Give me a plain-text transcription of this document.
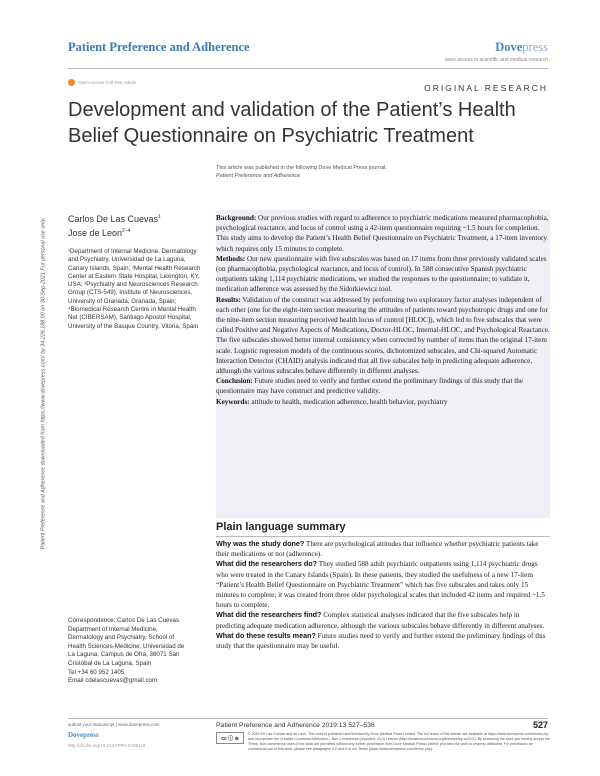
Patient Preference and Adherence	Dovepress
open access to scientific and medical research
Open Access Full Text Article
ORIGINAL RESEARCH
Development and validation of the Patient’s Health Belief Questionnaire on Psychiatric Treatment
Patient Preference and Adherence downloaded from https://www.dovepress.com/ by 34.226.188.90 on 30-Sep-2021 For personal use only.
This article was published in the following Dove Medical Press journal:
Patient Preference and Adherence
Carlos De Las Cuevas$^1$
Jose de Leon$^{2-4}$
¹Department of Internal Medicine, Dermatology and Psychiatry, Universidad de La Laguna, Canary Islands, Spain; ²Mental Health Research Center at Eastern State Hospital, Lexington, KY, USA; ³Psychiatry and Neurosciences Research Group (CTS-549), Institute of Neurosciences, University of Granada, Granada, Spain; ⁴Biomedical Research Centre in Mental Health Net (CIBERSAM), Santiago Apostol Hospital, University of the Basque Country, Vitoria, Spain

Background: Our previous studies with regard to adherence to psychiatric medications measured pharmacophobia, psychological reactance, and locus of control using a 42-item questionnaire requiring ~1.5 hours for completion. This study aims to develop the Patient’s Health Belief Questionnaire on Psychiatric Treatment, a 17-item inventory which requires only 15 minutes to complete.

Methods: Our new questionnaire with five subscales was based on 17 items from three previously validated scales (on pharmacophobia, psychological reactance, and locus of control). In 588 consecutive Spanish psychiatric outpatients taking 1,114 psychiatric medications, we studied the responses to the questionnaire; to validate it, medication adherence was assessed by the Sidorkiewicz tool.

Results: Validation of the construct was addressed by performing two exploratory factor analyses independent of each other (one for the eight-item section measuring the attitudes of patients toward psychotropic drugs and one for the nine-item section measuring perceived health locus of control [HLOC]), which led to five subscales that were called Positive and Negative Aspects of Medications, Doctor-HLOC, Internal-HLOC, and Psychological Reactance. The five subscales showed better internal consistency when corrected by number of items than the original 17-item scale. Logistic regression models of the continuous scores, dichotomized subscales, and Chi-squared Automatic Interaction Detector (CHAID) analysis indicated that all five subscales help in predicting adequate adherence, although the various subscales behave differently in different analyses.

Conclusion: Future studies need to verify and further extend the preliminary findings of this study that the questionnaire may have construct and predictive validity.

Keywords: attitude to health, medication adherence, health behavior, psychiatry

Plain language summary

Why was the study done? There are psychological attitudes that influence whether psychiatric patients take their medications or not (adherence).

What did the researchers do? They studied 588 adult psychiatric outpatients using 1,114 psychiatric drugs who were treated in the Canary Islands (Spain). In these patients, they studied the usefulness of a new 17-item “Patient’s Health Belief Questionnaire on Psychiatric Treatment” which has five subscales and takes only 15 minutes to complete; it was created from three older psychological scales that included 42 items and required ~1.5 hours to complete.

What did the researchers find? Complex statistical analyses indicated that the five subscales help in predicting adequate medication adherence, although the various subscales behave differently in different analyses.

What do these results mean? Future studies need to verify and further extend the preliminary findings of this study that the questionnaire may be useful.

Correspondence: Carlos De Las Cuevas
Department of Internal Medicine,
Dermatology and Psychiatry, School of
Health Sciences-Medicine, Universidad de
La Laguna, Campus de Ofra, 38071 San
Cristóbal de La Laguna, Spain
Tel +34 60 952 1405
Email cdelascuevas@gmail.com
submit your manuscript | www.dovepress.com
Dovepress
http://dx.doi.org/10.2147/PPA.S196116
Patient Preference and Adherence 2019:13 527–536	527
cc ⓘ ⊜
© 2019 De Las Cuevas and de Leon. This work is published and licensed by Dove Medical Press Limited. The full terms of this license are available at https://www.dovepress.com/terms.php and incorporate the Creative Commons Attribution – Non Commercial (unported, v3.0) License (http://creativecommons.org/licenses/by-nc/3.0/). By accessing the work you hereby accept the Terms. Non-commercial uses of the work are permitted without any further permission from Dove Medical Press Limited, provided the work is properly attributed. For permission for commercial use of this work, please see paragraphs 4.2 and 5 of our Terms (https://www.dovepress.com/terms.php).
